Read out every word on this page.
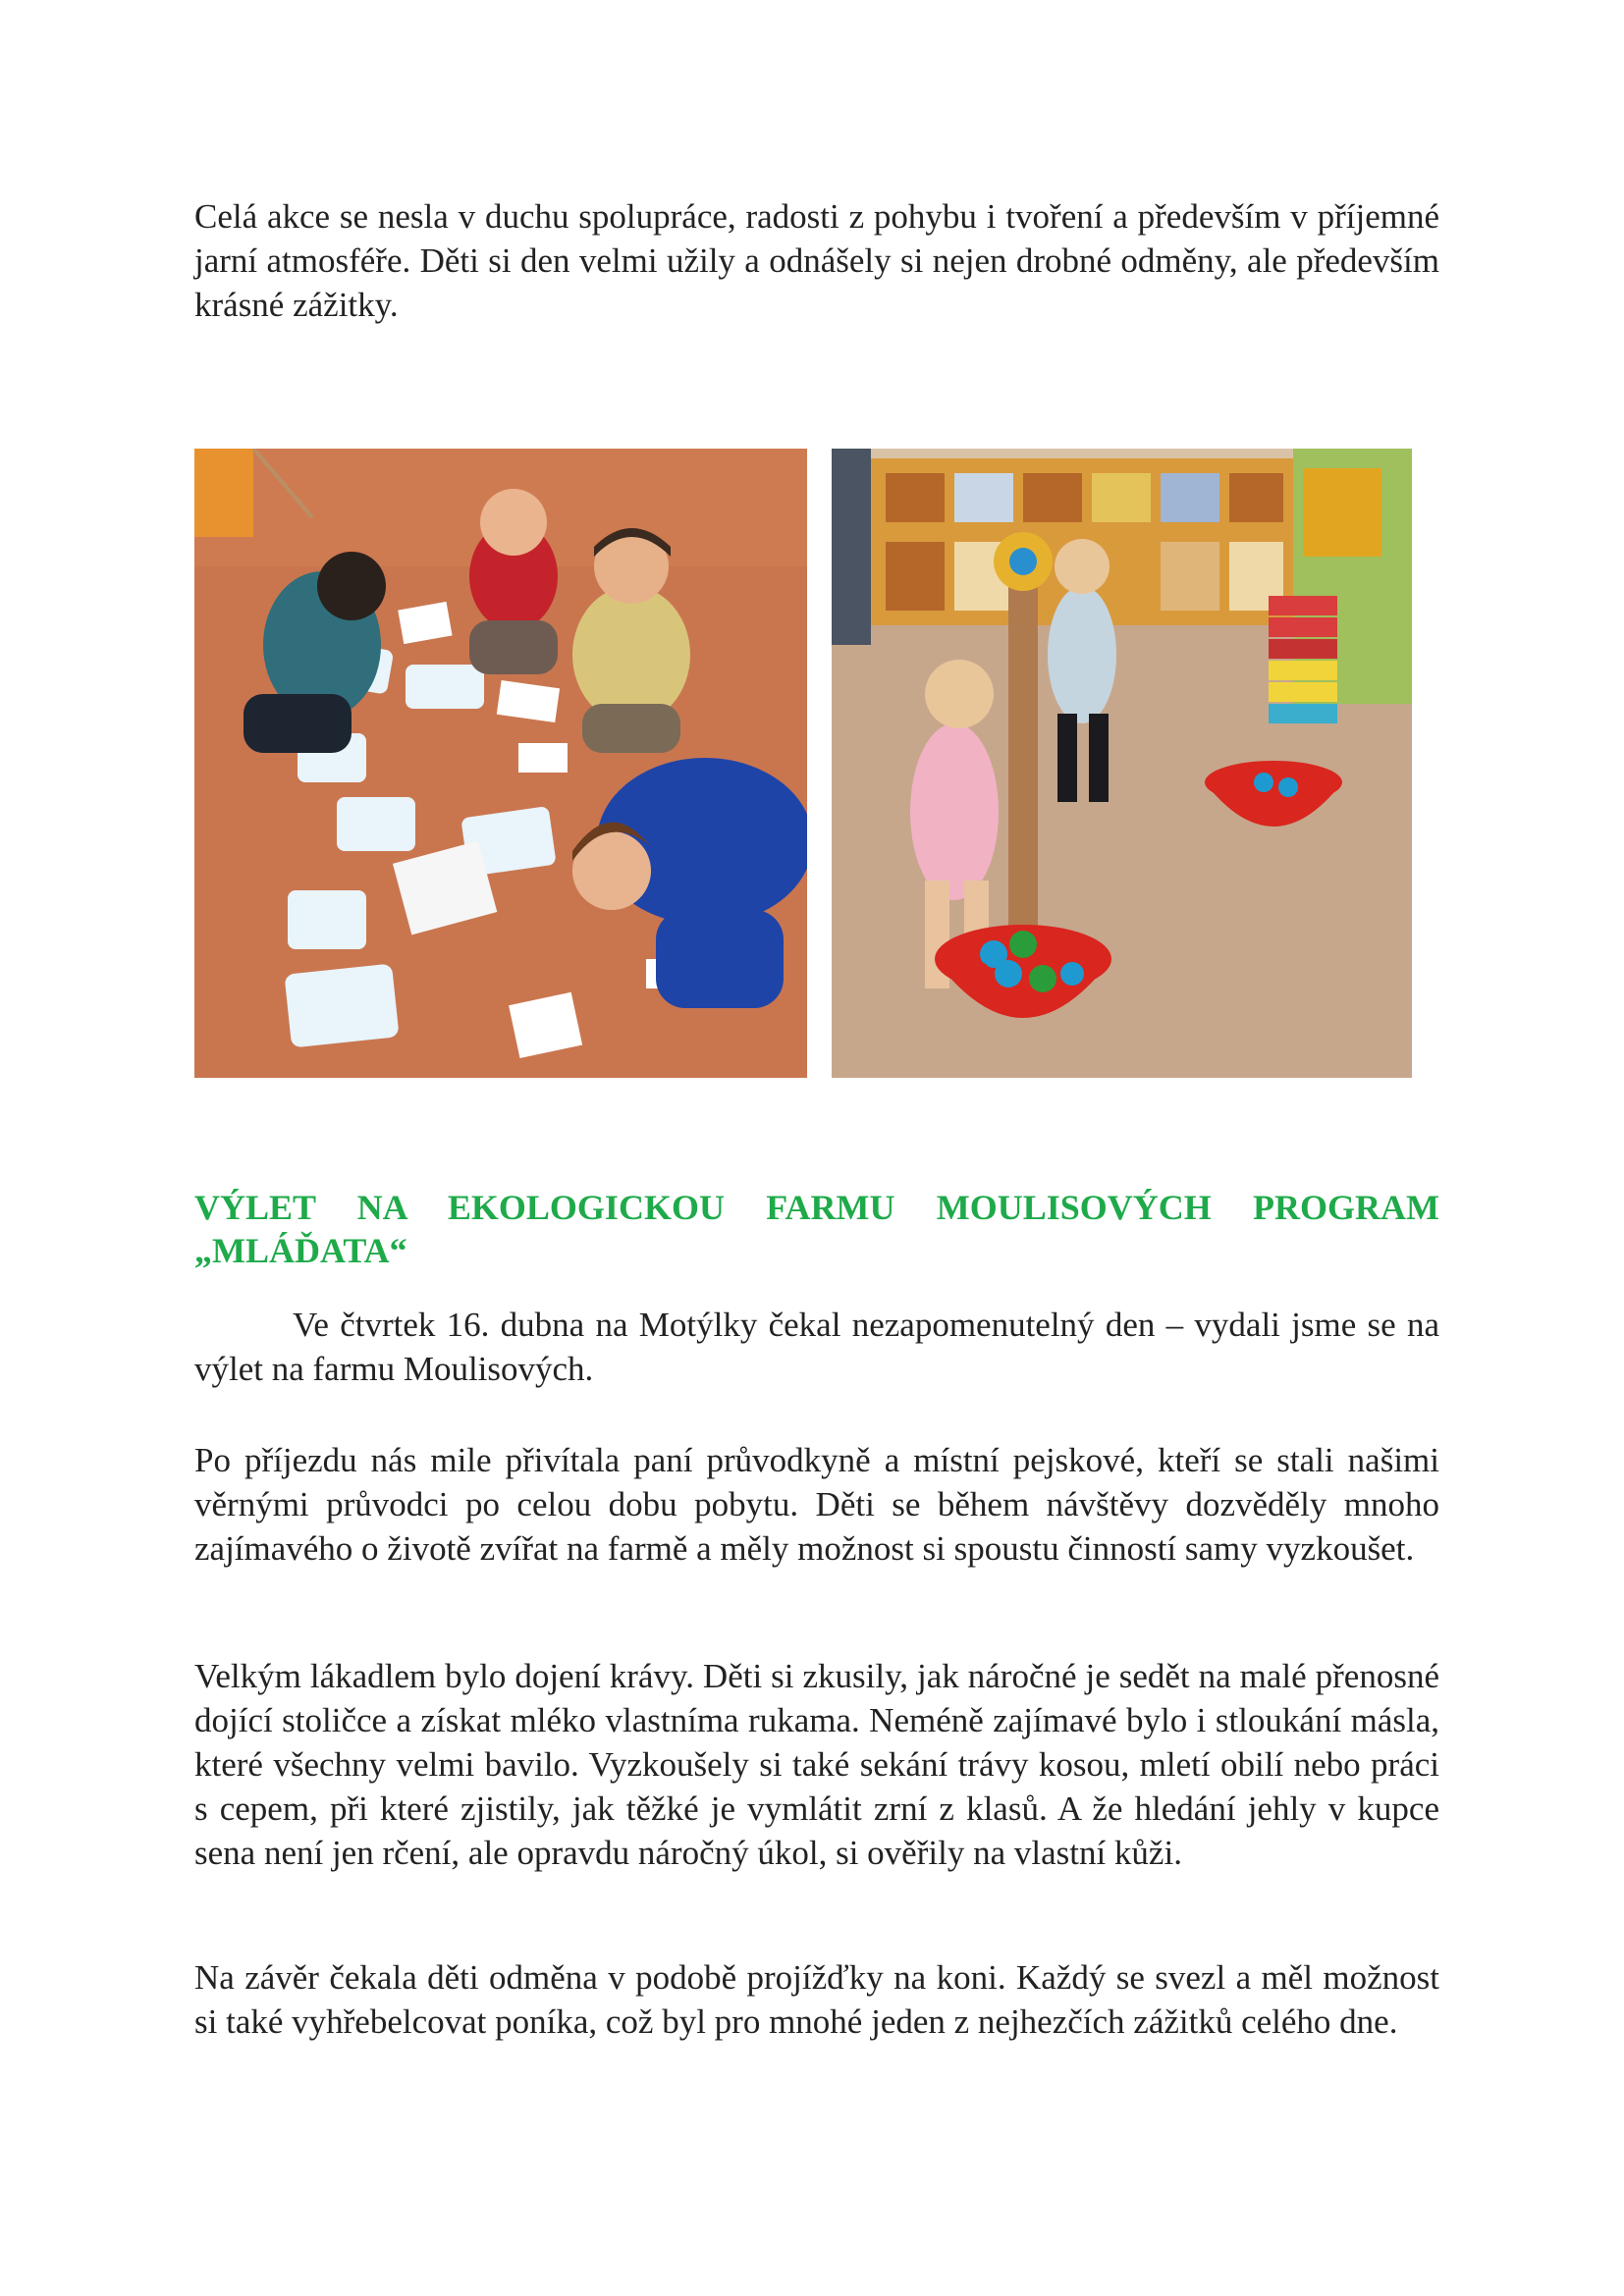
Celá akce se nesla v duchu spolupráce, radosti z pohybu i tvoření a především v příjemné jarní atmosféře. Děti si den velmi užily a odnášely si nejen drobné odměny, ale především krásné zážitky.

VÝLET NA EKOLOGICKOU FARMU MOULISOVÝCH PROGRAM „MLÁĎATA“

Ve čtvrtek 16. dubna na Motýlky čekal nezapomenutelný den – vydali jsme se na výlet na farmu Moulisových.

Po příjezdu nás mile přivítala paní průvodkyně a místní pejskové, kteří se stali našimi věrnými průvodci po celou dobu pobytu. Děti se během návštěvy dozvěděly mnoho zajímavého o životě zvířat na farmě a měly možnost si spoustu činností samy vyzkoušet.

Velkým lákadlem bylo dojení krávy. Děti si zkusily, jak náročné je sedět na malé přenosné dojící stoličce a získat mléko vlastníma rukama. Neméně zajímavé bylo i stloukání másla, které všechny velmi bavilo. Vyzkoušely si také sekání trávy kosou, mletí obilí nebo práci s cepem, při které zjistily, jak těžké je vymlátit zrní z klasů. A že hledání jehly v kupce sena není jen rčení, ale opravdu náročný úkol, si ověřily na vlastní kůži.

Na závěr čekala děti odměna v podobě projížďky na koni. Každý se svezl a měl možnost si také vyhřebelcovat poníka, což byl pro mnohé jeden z nejhezčích zážitků celého dne.
